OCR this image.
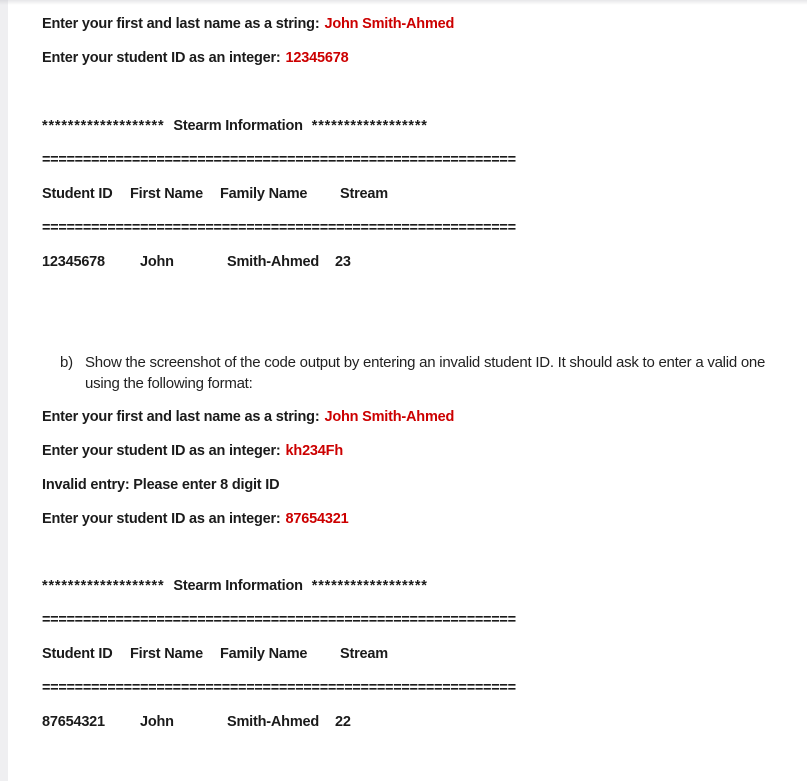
Enter your first and last name as a string: John Smith-Ahmed
Enter your student ID as an integer: 12345678
******************* Stearm Information ******************
==========================================================
Student ID First Name Family Name Stream
==========================================================
12345678 John	Smith-Ahmed 23
b) Show the screenshot of the code output by entering an invalid student ID. It should ask to enter a valid one using the following format:
Enter your first and last name as a string: John Smith-Ahmed
Enter your student ID as an integer: kh234Fh
Invalid entry: Please enter 8 digit ID
Enter your student ID as an integer: 87654321
******************* Stearm Information ******************
==========================================================
Student ID First Name Family Name Stream
==========================================================
87654321 John	Smith-Ahmed 22
